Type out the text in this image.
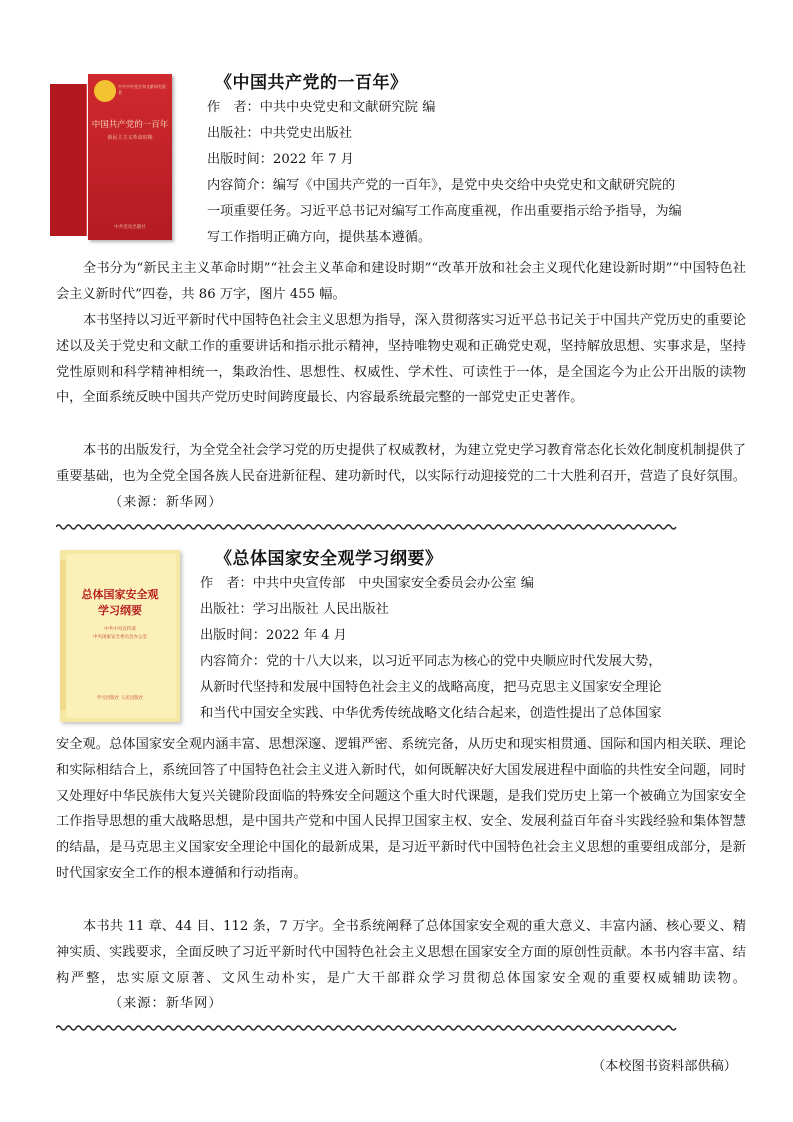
中共中央党史和文献研究院 著
中国共产党的一百年
新民主主义革命时期
中共党史出版社
《中国共产党的一百年》
作　者：中共中央党史和文献研究院 编
出版社：中共党史出版社
出版时间：2022 年 7 月
内容简介：编写《中国共产党的一百年》，是党中央交给中央党史和文献研究院的
一项重要任务。习近平总书记对编写工作高度重视，作出重要指示给予指导，为编
写工作指明正确方向，提供基本遵循。

全书分为“新民主主义革命时期”“社会主义革命和建设时期”“改革开放和社会主义现代化建设新时期”“中国特色社会主义新时代”四卷，共 86 万字，图片 455 幅。

本书坚持以习近平新时代中国特色社会主义思想为指导，深入贯彻落实习近平总书记关于中国共产党历史的重要论述以及关于党史和文献工作的重要讲话和指示批示精神，坚持唯物史观和正确党史观，坚持解放思想、实事求是，坚持党性原则和科学精神相统一，集政治性、思想性、权威性、学术性、可读性于一体，是全国迄今为止公开出版的读物中，全面系统反映中国共产党历史时间跨度最长、内容最系统最完整的一部党史正史著作。

本书的出版发行，为全党全社会学习党的历史提供了权威教材，为建立党史学习教育常态化长效化制度机制提供了重要基础，也为全党全国各族人民奋进新征程、建功新时代，以实际行动迎接党的二十大胜利召开，营造了良好氛围。（来源：新华网）

总体国家安全观
学习纲要
中共中央宣传部
中央国家安全委员会办公室
学习出版社 人民出版社
《总体国家安全观学习纲要》
作　者：中共中央宣传部　中央国家安全委员会办公室 编
出版社：学习出版社 人民出版社
出版时间：2022 年 4 月
内容简介：党的十八大以来，以习近平同志为核心的党中央顺应时代发展大势，
从新时代坚持和发展中国特色社会主义的战略高度，把马克思主义国家安全理论
和当代中国安全实践、中华优秀传统战略文化结合起来，创造性提出了总体国家

安全观。总体国家安全观内涵丰富、思想深邃、逻辑严密、系统完备，从历史和现实相贯通、国际和国内相关联、理论和实际相结合上，系统回答了中国特色社会主义进入新时代，如何既解决好大国发展进程中面临的共性安全问题，同时又处理好中华民族伟大复兴关键阶段面临的特殊安全问题这个重大时代课题，是我们党历史上第一个被确立为国家安全工作指导思想的重大战略思想，是中国共产党和中国人民捍卫国家主权、安全、发展利益百年奋斗实践经验和集体智慧的结晶，是马克思主义国家安全理论中国化的最新成果，是习近平新时代中国特色社会主义思想的重要组成部分，是新时代国家安全工作的根本遵循和行动指南。

本书共 11 章、44 目、112 条，7 万字。全书系统阐释了总体国家安全观的重大意义、丰富内涵、核心要义、精神实质、实践要求，全面反映了习近平新时代中国特色社会主义思想在国家安全方面的原创性贡献。本书内容丰富、结构严整，忠实原文原著、文风生动朴实，是广大干部群众学习贯彻总体国家安全观的重要权威辅助读物。（来源：新华网）

（本校图书资料部供稿）
